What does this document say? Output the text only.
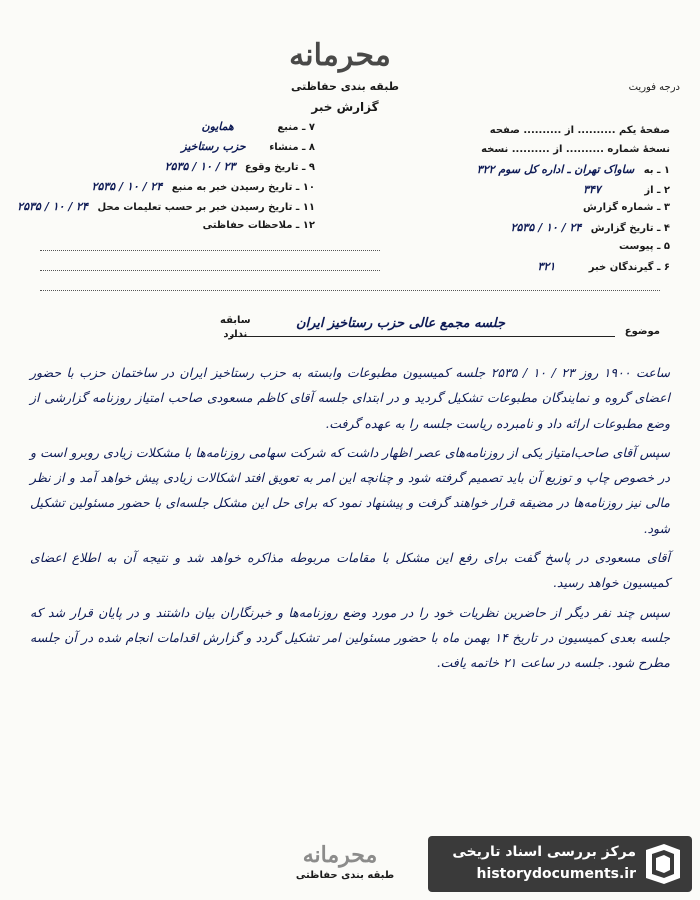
محرمانه
طبقه بندی حفاظتی
گزارش خبر
درجه فوریت
صفحهٔ یکم .......... از .......... صفحه
نسخهٔ شماره .......... از .......... نسخه
۱ ـ به ساواک تهران ـ اداره کل سوم ۳۲۲
۲ ـ از ۳۴۷
۳ ـ شماره گزارش
۴ ـ تاریخ گزارش ۲۴ / ۱۰ / ۲۵۳۵
۵ ـ پیوست
۶ ـ گیرندگان خبر ۳۲۱
۷ ـ منبع همایون
۸ ـ منشاء حزب رستاخیز
۹ ـ تاریخ وقوع ۲۳ / ۱۰ / ۲۵۳۵
۱۰ ـ تاریخ رسیدن خبر به منبع ۲۴ / ۱۰ / ۲۵۳۵
۱۱ ـ تاریخ رسیدن خبر بر حسب تعلیمات محل ۲۴ / ۱۰ / ۲۵۳۵
۱۲ ـ ملاحظات حفاظتی
موضوع
جلسه مجمع عالی حزب رستاخیز ایران
سابقه
ندارد

ساعت ۱۹۰۰ روز ۲۳ / ۱۰ / ۲۵۳۵ جلسه کمیسیون مطبوعات وابسته به حزب رستاخیز ایران در ساختمان حزب با حضور اعضای گروه و نمایندگان مطبوعات تشکیل گردید و در ابتدای جلسه آقای کاظم مسعودی صاحب امتیاز روزنامه گزارشی از وضع مطبوعات ارائه داد و نامبرده ریاست جلسه را به عهده گرفت.

سپس آقای صاحب‌امتیاز یکی از روزنامه‌های عصر اظهار داشت که شرکت سهامی روزنامه‌ها با مشکلات زیادی روبرو است و در خصوص چاپ و توزیع آن باید تصمیم گرفته شود و چنانچه این امر به تعویق افتد اشکالات زیادی پیش خواهد آمد و از نظر مالی نیز روزنامه‌ها در مضیقه قرار خواهند گرفت و پیشنهاد نمود که برای حل این مشکل جلسه‌ای با حضور مسئولین تشکیل شود.

آقای مسعودی در پاسخ گفت برای رفع این مشکل با مقامات مربوطه مذاکره خواهد شد و نتیجه آن به اطلاع اعضای کمیسیون خواهد رسید.

سپس چند نفر دیگر از حاضرین نظریات خود را در مورد وضع روزنامه‌ها و خبرنگاران بیان داشتند و در پایان قرار شد که جلسه بعدی کمیسیون در تاریخ ۱۴ بهمن ماه با حضور مسئولین امر تشکیل گردد و گزارش اقدامات انجام شده در آن جلسه مطرح شود. جلسه در ساعت ۲۱ خاتمه یافت.

محرمانه
طبقه بندی حفاظتی
مرکز بررسی اسناد تاریخی
historydocuments.ir
